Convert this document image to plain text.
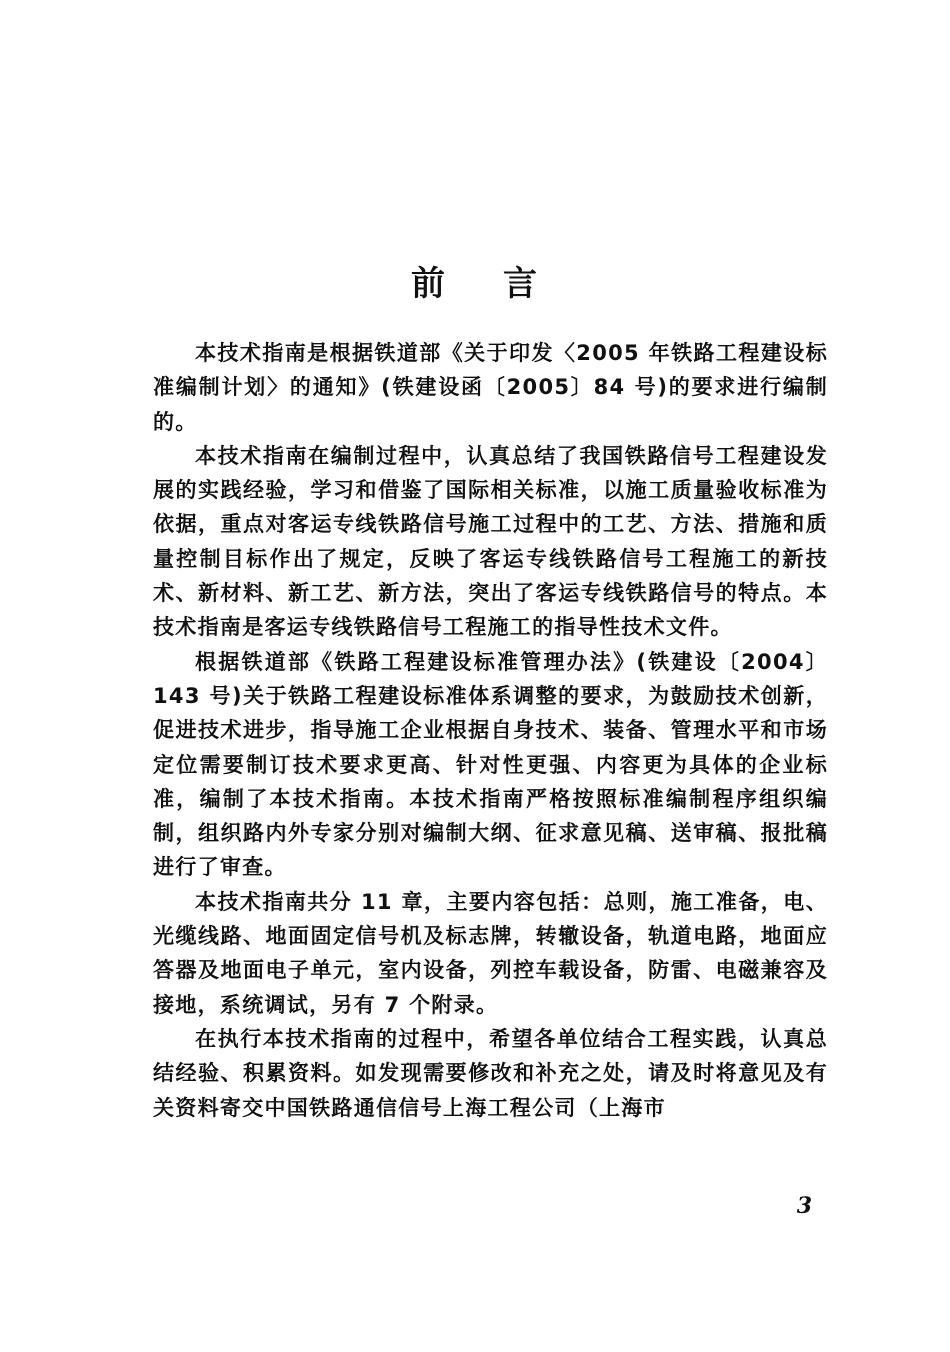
前 言

本技术指南是根据铁道部《关于印发〈2005 年铁路工程建设标准编制计划〉的通知》(铁建设函〔2005〕84 号)的要求进行编制的。

本技术指南在编制过程中，认真总结了我国铁路信号工程建设发展的实践经验，学习和借鉴了国际相关标准，以施工质量验收标准为依据，重点对客运专线铁路信号施工过程中的工艺、方法、措施和质量控制目标作出了规定，反映了客运专线铁路信号工程施工的新技术、新材料、新工艺、新方法，突出了客运专线铁路信号的特点。本技术指南是客运专线铁路信号工程施工的指导性技术文件。

根据铁道部《铁路工程建设标准管理办法》(铁建设〔2004〕143 号)关于铁路工程建设标准体系调整的要求，为鼓励技术创新，促进技术进步，指导施工企业根据自身技术、装备、管理水平和市场定位需要制订技术要求更高、针对性更强、内容更为具体的企业标准，编制了本技术指南。本技术指南严格按照标准编制程序组织编制，组织路内外专家分别对编制大纲、征求意见稿、送审稿、报批稿进行了审查。

本技术指南共分 11 章，主要内容包括：总则，施工准备，电、光缆线路、地面固定信号机及标志牌，转辙设备，轨道电路，地面应答器及地面电子单元，室内设备，列控车载设备，防雷、电磁兼容及接地，系统调试，另有 7 个附录。

在执行本技术指南的过程中，希望各单位结合工程实践，认真总结经验、积累资料。如发现需要修改和补充之处，请及时将意见及有关资料寄交中国铁路通信信号上海工程公司（上海市

3
